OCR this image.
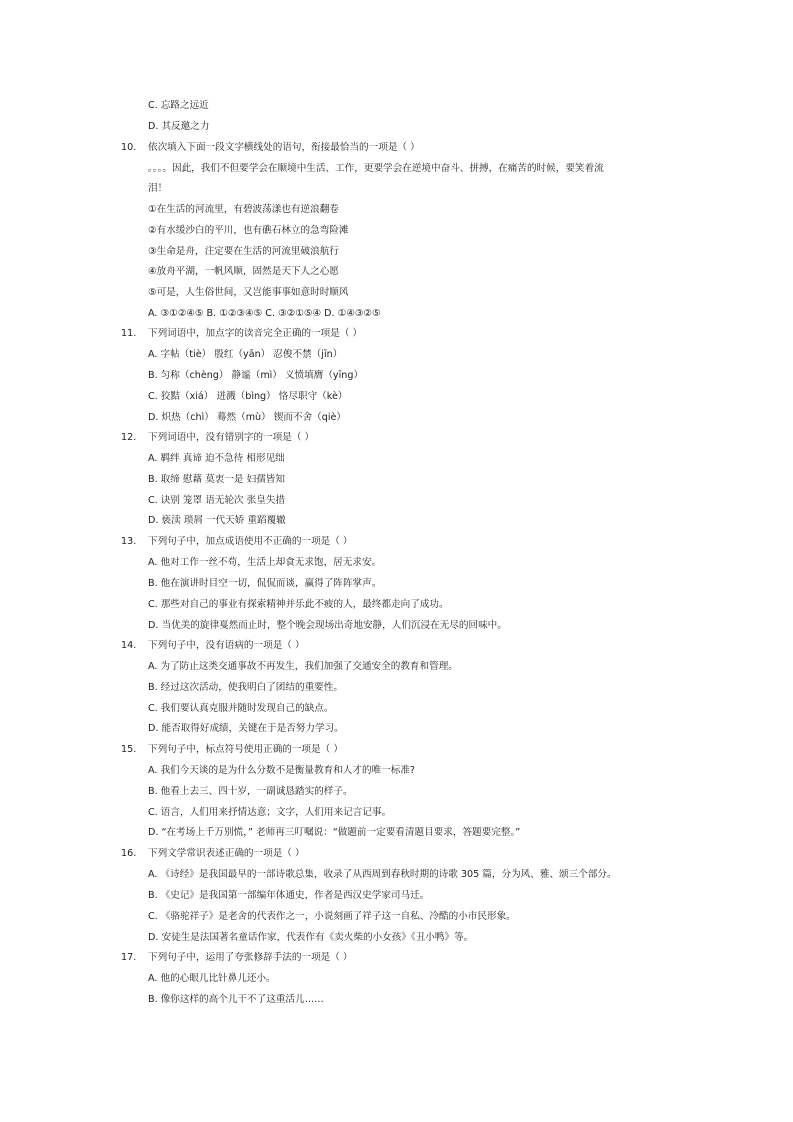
C. 忘路之远近
D. 其反邀之力
10. 依次填入下面一段文字横线处的语句，衔接最恰当的一项是（ ）
。。。。因此，我们不但要学会在顺境中生活、工作，更要学会在逆境中奋斗、拼搏，在痛苦的时候，要笑着流
泪！
①在生活的河流里，有碧波荡漾也有逆浪翻卷
②有水缓沙白的平川，也有礁石林立的急弯险滩
③生命是舟，注定要在生活的河流里破浪航行
④放舟平湖，一帆风顺，固然是天下人之心愿
⑤可是，人生俗世间，又岂能事事如意时时顺风
A. ③①②④⑤ B. ①②③④⑤ C. ③②①⑤④ D. ①④③②⑤
11. 下列词语中，加点字的读音完全正确的一项是（ ）
A. 字帖（tiè） 殷红（yān） 忍俊不禁（jīn）
B. 匀称（chèng） 静谧（mì） 义愤填膺（yīng）
C. 狡黠（xiá） 迸溅（bìng） 恪尽职守（kè）
D. 炽热（chì） 蓦然（mù） 锲而不舍（qiè）
12. 下列词语中，没有错别字的一项是（ ）
A. 羁绊 真谛 迫不急待 相形见绌
B. 取缔 慰藉 莫衷一是 妇孺皆知
C. 诀别 笼罩 语无轮次 张皇失措
D. 亵渎 琐屑 一代天娇 重蹈覆辙
13. 下列句子中，加点成语使用不正确的一项是（ ）
A. 他对工作一丝不苟，生活上却食无求饱，居无求安。
B. 他在演讲时目空一切，侃侃而谈，赢得了阵阵掌声。
C. 那些对自己的事业有探索精神并乐此不疲的人，最终都走向了成功。
D. 当优美的旋律戛然而止时，整个晚会现场出奇地安静，人们沉浸在无尽的回味中。
14. 下列句子中，没有语病的一项是（ ）
A. 为了防止这类交通事故不再发生，我们加强了交通安全的教育和管理。
B. 经过这次活动，使我明白了团结的重要性。
C. 我们要认真克服并随时发现自己的缺点。
D. 能否取得好成绩，关键在于是否努力学习。
15. 下列句子中，标点符号使用正确的一项是（ ）
A. 我们今天谈的是为什么分数不是衡量教育和人才的唯一标准?
B. 他看上去三、四十岁，一副诚恳踏实的样子。
C. 语言，人们用来抒情达意；文字，人们用来记言记事。
D. “在考场上千万别慌，” 老师再三叮嘱说：“做题前一定要看清题目要求，答题要完整。”
16. 下列文学常识表述正确的一项是（ ）
A. 《诗经》是我国最早的一部诗歌总集，收录了从西周到春秋时期的诗歌 305 篇，分为风、雅、颂三个部分。
B. 《史记》是我国第一部编年体通史，作者是西汉史学家司马迁。
C. 《骆驼祥子》是老舍的代表作之一，小说刻画了祥子这一自私、冷酷的小市民形象。
D. 安徒生是法国著名童话作家，代表作有《卖火柴的小女孩》《丑小鸭》等。
17. 下列句子中，运用了夸张修辞手法的一项是（ ）
A. 他的心眼儿比针鼻儿还小。
B. 像你这样的高个儿干不了这重活儿……
